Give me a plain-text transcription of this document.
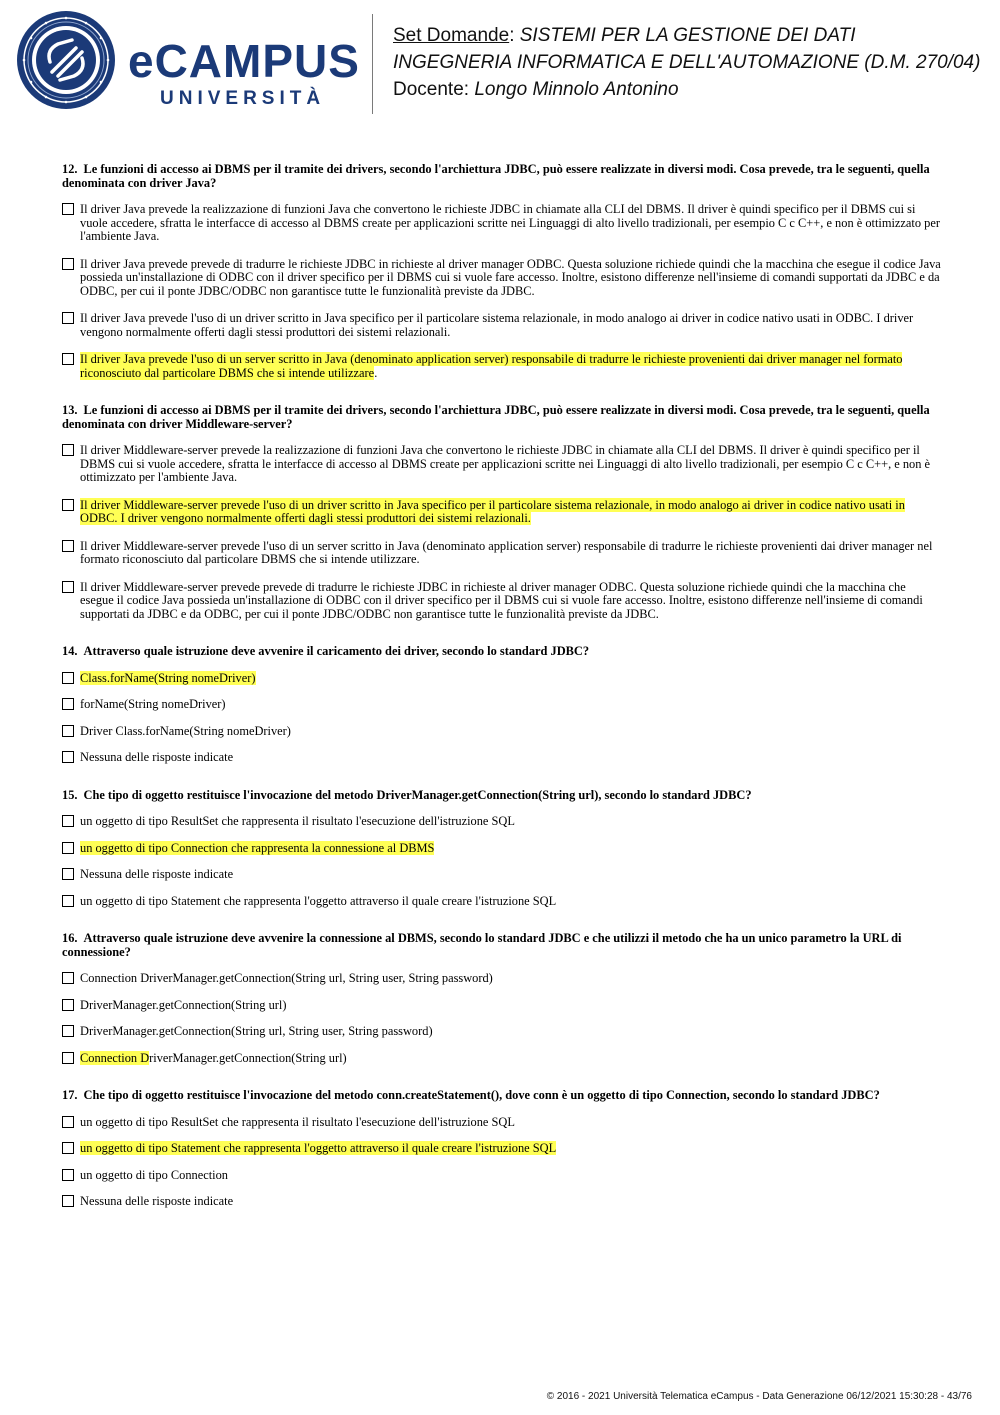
eCAMPUS
UNIVERSITÀ
Set Domande: SISTEMI PER LA GESTIONE DEI DATI
INGEGNERIA INFORMATICA E DELL'AUTOMAZIONE (D.M. 270/04)
Docente: Longo Minnolo Antonino
12. Le funzioni di accesso ai DBMS per il tramite dei drivers, secondo l'archiettura JDBC, può essere realizzate in diversi modi. Cosa prevede, tra le seguenti, quella denominata con driver Java?
Il driver Java prevede la realizzazione di funzioni Java che convertono le richieste JDBC in chiamate alla CLI del DBMS. Il driver è quindi specifico per il DBMS cui si vuole accedere, sfratta le interfacce di accesso al DBMS create per applicazioni scritte nei Linguaggi di alto livello tradizionali, per esempio C c C++, e non è ottimizzato per l'ambiente Java.
Il driver Java prevede prevede di tradurre le richieste JDBC in richieste al driver manager ODBC. Questa soluzione richiede quindi che la macchina che esegue il codice Java possieda un'installazione di ODBC con il driver specifico per il DBMS cui si vuole fare accesso. Inoltre, esistono differenze nell'insieme di comandi supportati da JDBC e da ODBC, per cui il ponte JDBC/ODBC non garantisce tutte le funzionalità previste da JDBC.
Il driver Java prevede l'uso di un driver scritto in Java specifico per il particolare sistema relazionale, in modo analogo ai driver in codice nativo usati in ODBC. I driver vengono normalmente offerti dagli stessi produttori dei sistemi relazionali.
Il driver Java prevede l'uso di un server scritto in Java (denominato application server) responsabile di tradurre le richieste provenienti dai driver manager nel formato riconosciuto dal particolare DBMS che si intende utilizzare.
13. Le funzioni di accesso ai DBMS per il tramite dei drivers, secondo l'archiettura JDBC, può essere realizzate in diversi modi. Cosa prevede, tra le seguenti, quella denominata con driver Middleware-server?
Il driver Middleware-server prevede la realizzazione di funzioni Java che convertono le richieste JDBC in chiamate alla CLI del DBMS. Il driver è quindi specifico per il DBMS cui si vuole accedere, sfratta le interfacce di accesso al DBMS create per applicazioni scritte nei Linguaggi di alto livello tradizionali, per esempio C c C++, e non è ottimizzato per l'ambiente Java.
Il driver Middleware-server prevede l'uso di un driver scritto in Java specifico per il particolare sistema relazionale, in modo analogo ai driver in codice nativo usati in ODBC. I driver vengono normalmente offerti dagli stessi produttori dei sistemi relazionali.
Il driver Middleware-server prevede l'uso di un server scritto in Java (denominato application server) responsabile di tradurre le richieste provenienti dai driver manager nel formato riconosciuto dal particolare DBMS che si intende utilizzare.
Il driver Middleware-server prevede prevede di tradurre le richieste JDBC in richieste al driver manager ODBC. Questa soluzione richiede quindi che la macchina che esegue il codice Java possieda un'installazione di ODBC con il driver specifico per il DBMS cui si vuole fare accesso. Inoltre, esistono differenze nell'insieme di comandi supportati da JDBC e da ODBC, per cui il ponte JDBC/ODBC non garantisce tutte le funzionalità previste da JDBC.
14. Attraverso quale istruzione deve avvenire il caricamento dei driver, secondo lo standard JDBC?
Class.forName(String nomeDriver)
forName(String nomeDriver)
Driver Class.forName(String nomeDriver)
Nessuna delle risposte indicate
15. Che tipo di oggetto restituisce l'invocazione del metodo DriverManager.getConnection(String url), secondo lo standard JDBC?
un oggetto di tipo ResultSet che rappresenta il risultato l'esecuzione dell'istruzione SQL
un oggetto di tipo Connection che rappresenta la connessione al DBMS
Nessuna delle risposte indicate
un oggetto di tipo Statement che rappresenta l'oggetto attraverso il quale creare l'istruzione SQL
16. Attraverso quale istruzione deve avvenire la connessione al DBMS, secondo lo standard JDBC e che utilizzi il metodo che ha un unico parametro la URL di connessione?
Connection DriverManager.getConnection(String url, String user, String password)
DriverManager.getConnection(String url)
DriverManager.getConnection(String url, String user, String password)
Connection DriverManager.getConnection(String url)
17. Che tipo di oggetto restituisce l'invocazione del metodo conn.createStatement(), dove conn è un oggetto di tipo Connection, secondo lo standard JDBC?
un oggetto di tipo ResultSet che rappresenta il risultato l'esecuzione dell'istruzione SQL
un oggetto di tipo Statement che rappresenta l'oggetto attraverso il quale creare l'istruzione SQL
un oggetto di tipo Connection
Nessuna delle risposte indicate
© 2016 - 2021 Università Telematica eCampus - Data Generazione 06/12/2021 15:30:28 - 43/76
